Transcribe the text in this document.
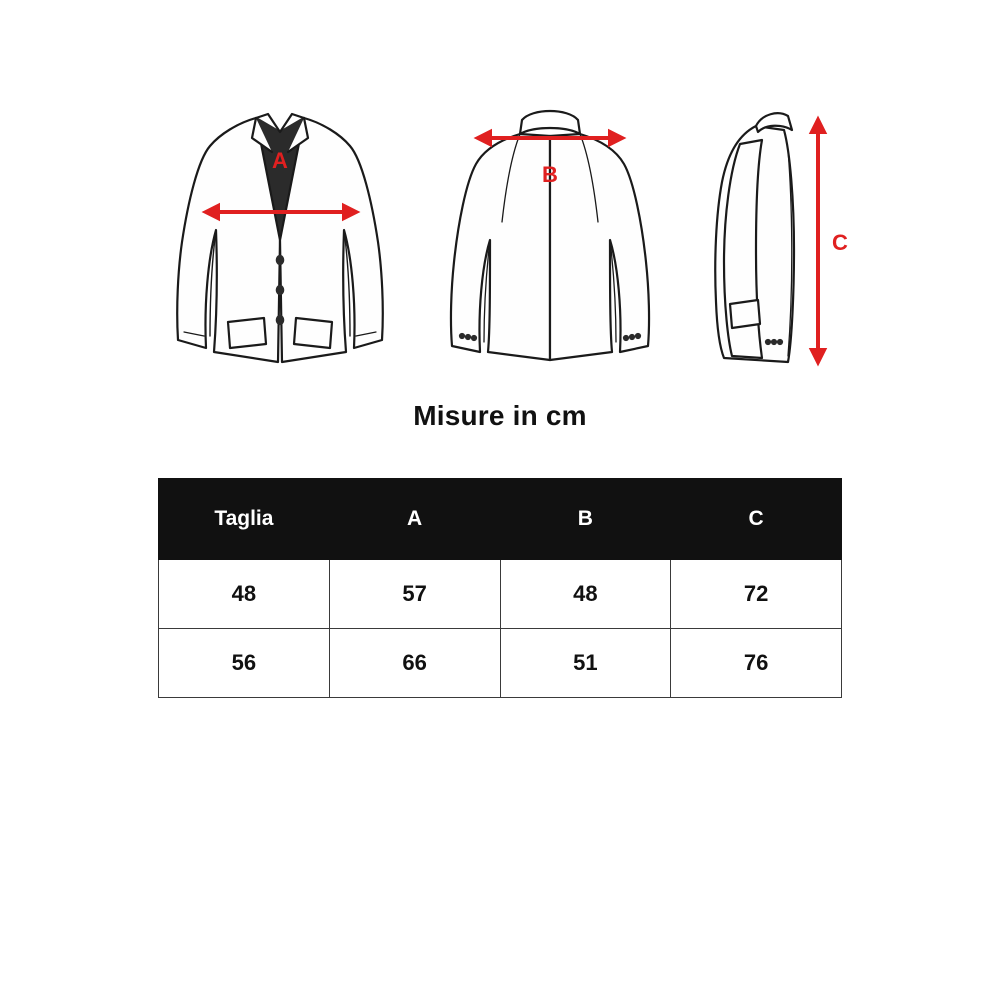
A
B
C
Misure in cm
Taglia	A	B	C
48	57	48	72
56	66	51	76
